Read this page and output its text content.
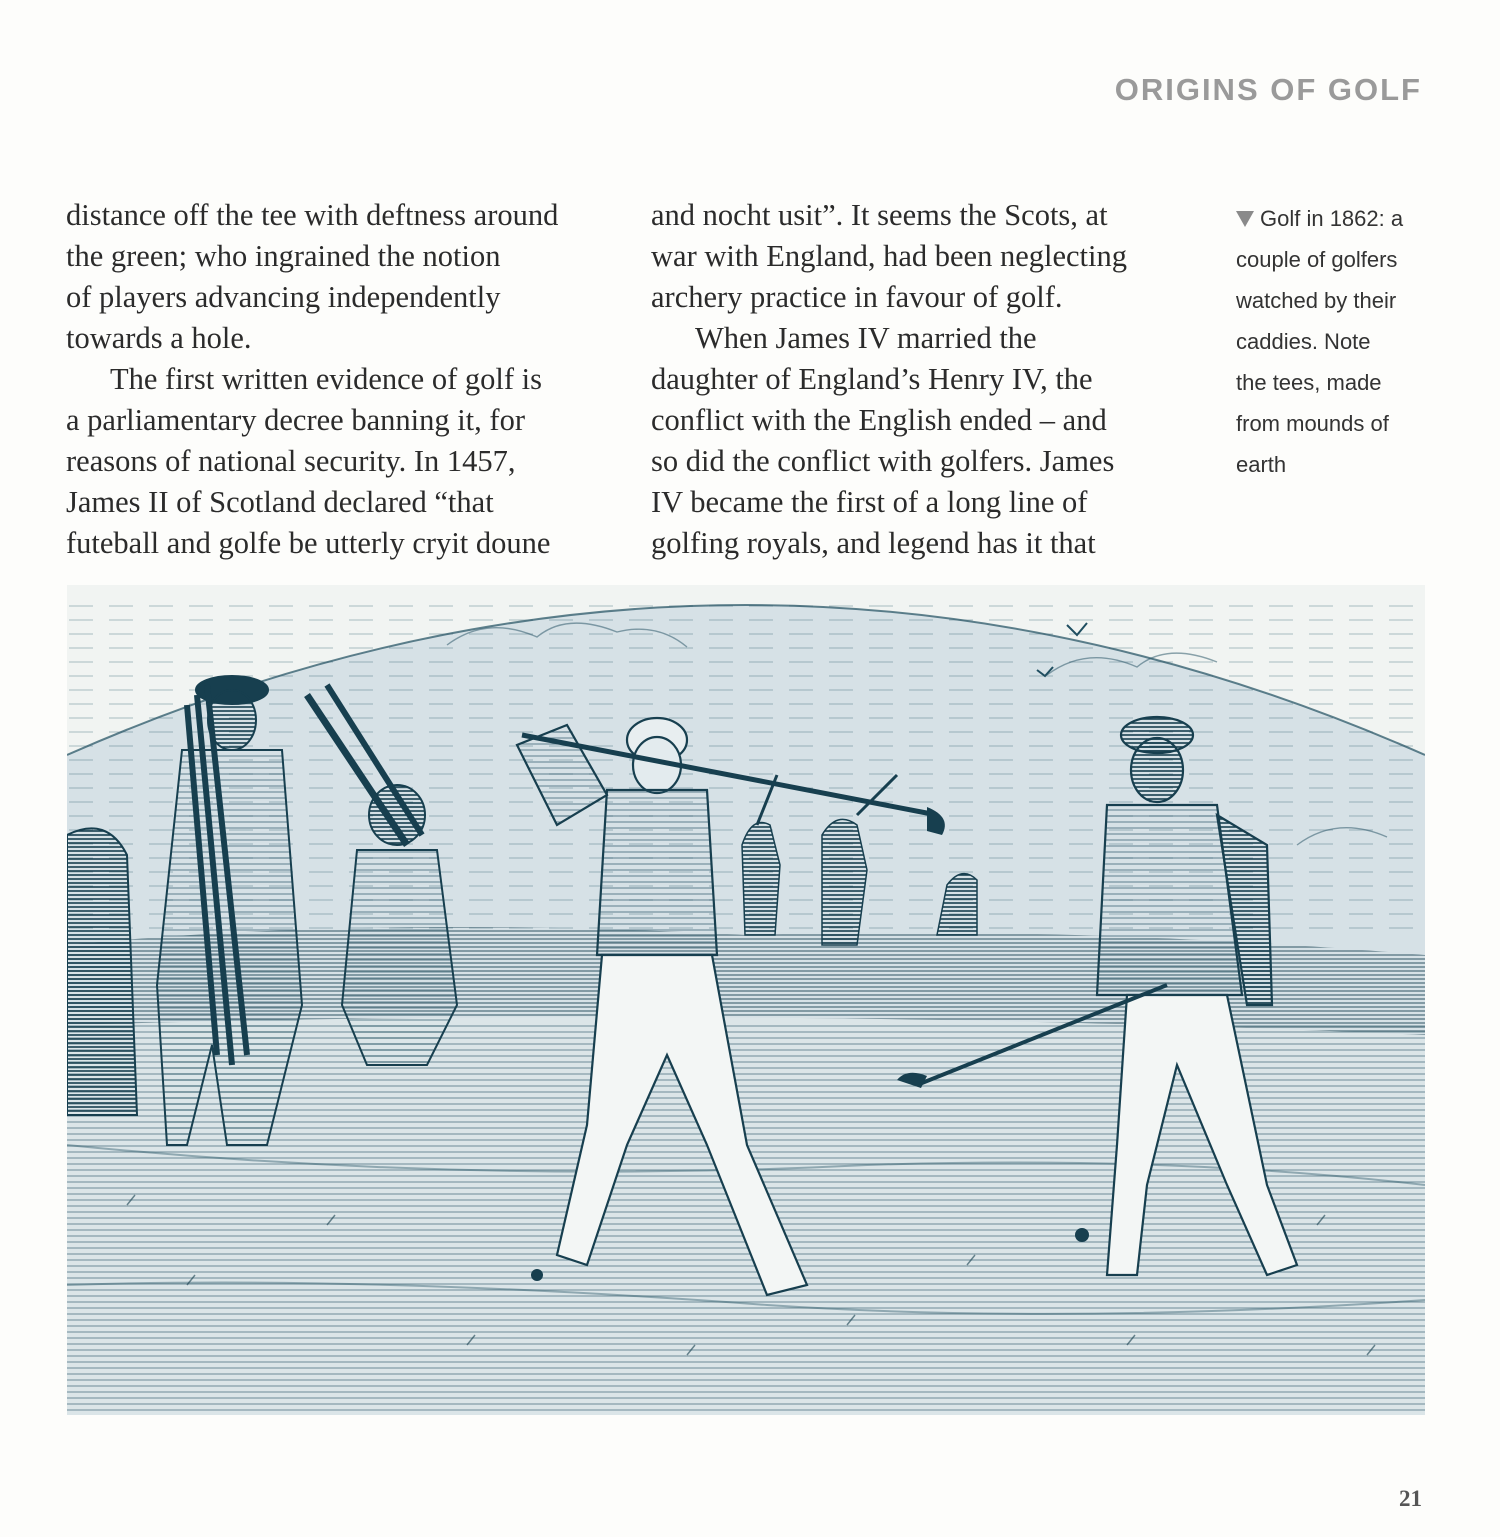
ORIGINS OF GOLF

distance off the tee with deftness around
the green; who ingrained the notion
of players advancing independently
towards a hole.

The first written evidence of golf is
a parliamentary decree banning it, for
reasons of national security. In 1457,
James II of Scotland declared “that
futeball and golfe be utterly cryit doune

and nocht usit”. It seems the Scots, at
war with England, had been neglecting
archery practice in favour of golf.

When James IV married the
daughter of England’s Henry IV, the
conflict with the English ended – and
so did the conflict with golfers. James
IV became the first of a long line of
golfing royals, and legend has it that

Golf in 1862: a
couple of golfers
watched by their
caddies. Note
the tees, made
from mounds of
earth
21
